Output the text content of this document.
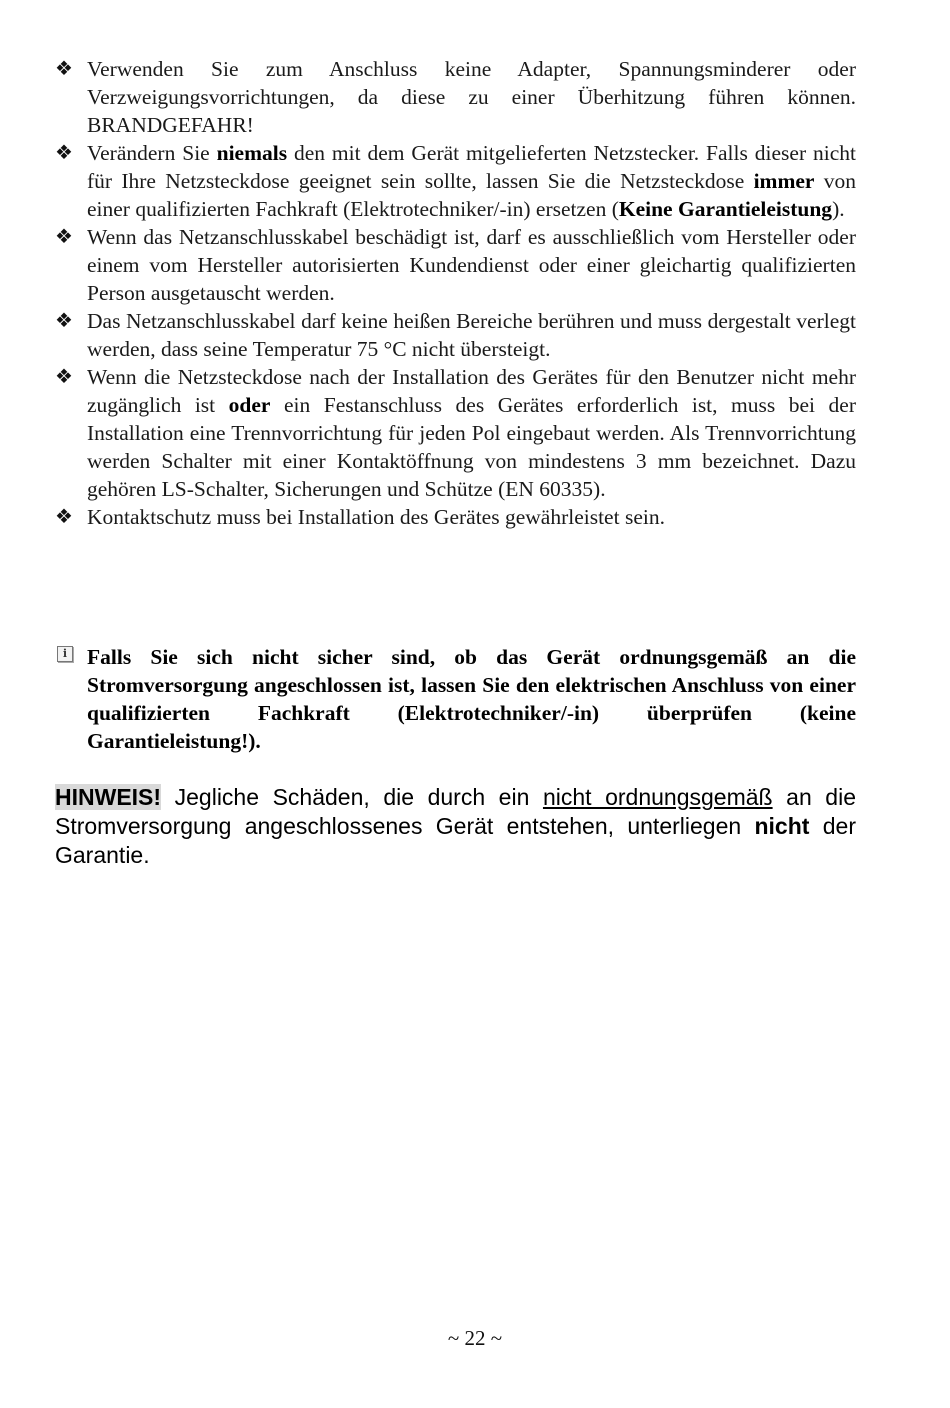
❖ Verwenden Sie zum Anschluss keine Adapter, Spannungsminderer oder Verzweigungsvorrichtungen, da diese zu einer Überhitzung führen können. BRANDGEFAHR!
❖ Verändern Sie niemals den mit dem Gerät mitgelieferten Netzstecker. Falls dieser nicht für Ihre Netzsteckdose geeignet sein sollte, lassen Sie die Netzsteckdose immer von einer qualifizierten Fachkraft (Elektrotechniker/-in) ersetzen (Keine Garantieleistung).
❖ Wenn das Netzanschlusskabel beschädigt ist, darf es ausschließlich vom Hersteller oder einem vom Hersteller autorisierten Kundendienst oder einer gleichartig qualifizierten Person ausgetauscht werden.
❖ Das Netzanschlusskabel darf keine heißen Bereiche berühren und muss dergestalt verlegt werden, dass seine Temperatur 75 °C nicht übersteigt.
❖ Wenn die Netzsteckdose nach der Installation des Gerätes für den Benutzer nicht mehr zugänglich ist oder ein Festanschluss des Gerätes erforderlich ist, muss bei der Installation eine Trennvorrichtung für jeden Pol eingebaut werden. Als Trennvorrichtung werden Schalter mit einer Kontaktöffnung von mindestens 3 mm bezeichnet. Dazu gehören LS-Schalter, Sicherungen und Schütze (EN 60335).
❖ Kontaktschutz muss bei Installation des Gerätes gewährleistet sein.
i Falls Sie sich nicht sicher sind, ob das Gerät ordnungsgemäß an die Stromversorgung angeschlossen ist, lassen Sie den elektrischen Anschluss von einer qualifizierten Fachkraft (Elektrotechniker/-in) überprüfen (keine Garantieleistung!).
HINWEIS! Jegliche Schäden, die durch ein nicht ordnungsgemäß an die Stromversorgung angeschlossenes Gerät entstehen, unterliegen nicht der Garantie.
~ 22 ~
